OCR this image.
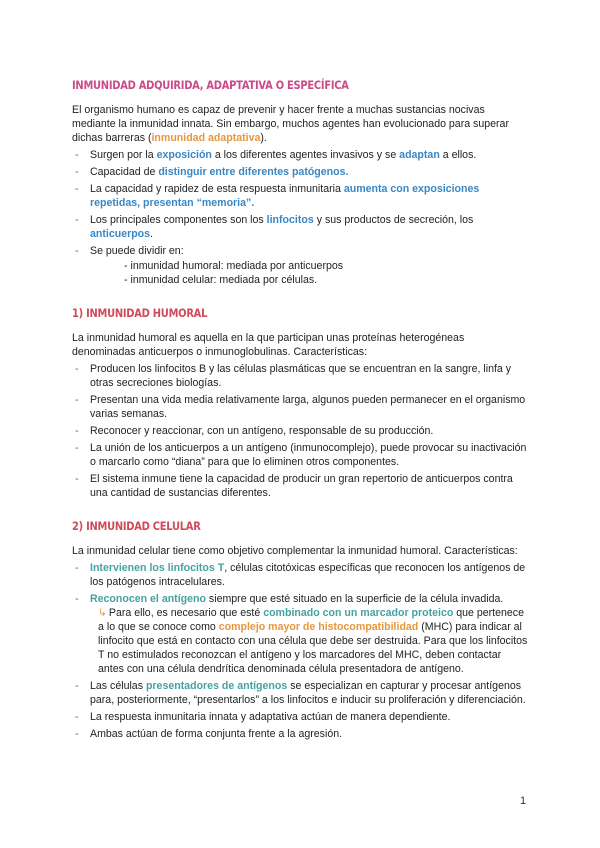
INMUNIDAD ADQUIRIDA, ADAPTATIVA O ESPECÍFICA

El organismo humano es capaz de prevenir y hacer frente a muchas sustancias nocivas mediante la inmunidad innata. Sin embargo, muchos agentes han evolucionado para superar dichas barreras (inmunidad adaptativa).

- Surgen por la exposición a los diferentes agentes invasivos y se adaptan a ellos.
- Capacidad de distinguir entre diferentes patógenos.
- La capacidad y rapidez de esta respuesta inmunitaria aumenta con exposiciones repetidas, presentan “memoria”.
- Los principales componentes son los linfocitos y sus productos de secreción, los anticuerpos.
- Se puede dividir en:
- inmunidad humoral: mediada por anticuerpos
- inmunidad celular: mediada por células.
1) INMUNIDAD HUMORAL

La inmunidad humoral es aquella en la que participan unas proteínas heterogéneas denominadas anticuerpos o inmunoglobulinas. Características:

- Producen los linfocitos B y las células plasmáticas que se encuentran en la sangre, linfa y otras secreciones biologías.
- Presentan una vida media relativamente larga, algunos pueden permanecer en el organismo varias semanas.
- Reconocer y reaccionar, con un antígeno, responsable de su producción.
- La unión de los anticuerpos a un antígeno (inmunocomplejo), puede provocar su inactivación o marcarlo como “diana” para que lo eliminen otros componentes.
- El sistema inmune tiene la capacidad de producir un gran repertorio de anticuerpos contra una cantidad de sustancias diferentes.
2) INMUNIDAD CELULAR

La inmunidad celular tiene como objetivo complementar la inmunidad humoral. Características:

- Intervienen los linfocitos T, células citotóxicas específicas que reconocen los antígenos de los patógenos intracelulares.
- Reconocen el antígeno siempre que esté situado en la superficie de la célula invadida.
↳ Para ello, es necesario que esté combinado con un marcador proteico que pertenece a lo que se conoce como complejo mayor de histocompatibilidad (MHC) para indicar al linfocito que está en contacto con una célula que debe ser destruida. Para que los linfocitos T no estimulados reconozcan el antígeno y los marcadores del MHC, deben contactar antes con una célula dendrítica denominada célula presentadora de antígeno.
- Las células presentadores de antígenos se especializan en capturar y procesar antígenos para, posteriormente, “presentarlos” a los linfocitos e inducir su proliferación y diferenciación.
- La respuesta inmunitaria innata y adaptativa actúan de manera dependiente.
- Ambas actúan de forma conjunta frente a la agresión.
1
